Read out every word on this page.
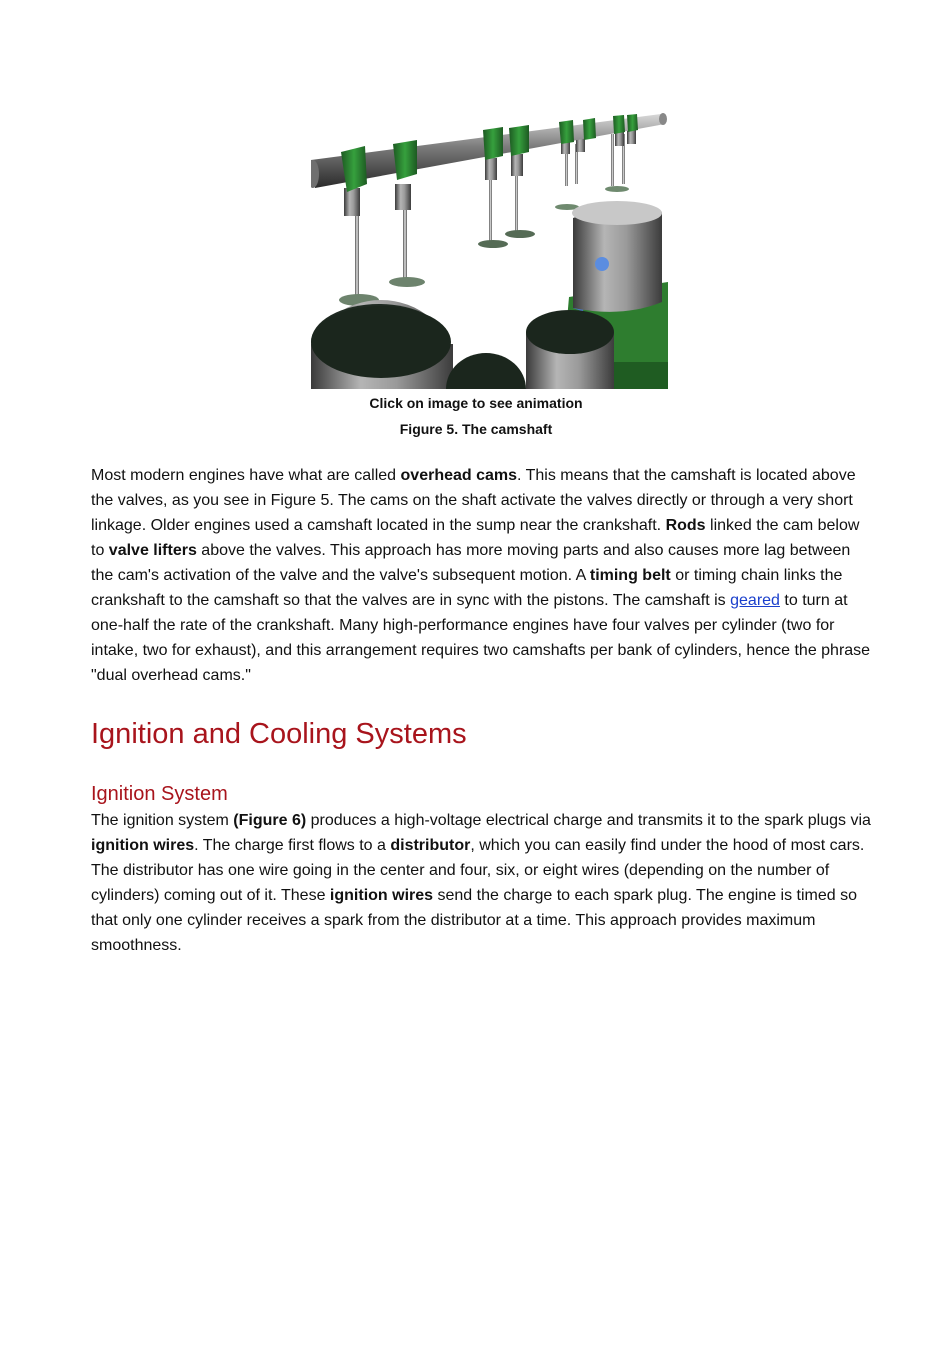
Click on image to see animation
Figure 5. The camshaft

Most modern engines have what are called overhead cams. This means that the camshaft is located above the valves, as you see in Figure 5. The cams on the shaft activate the valves directly or through a very short linkage. Older engines used a camshaft located in the sump near the crankshaft. Rods linked the cam below to valve lifters above the valves. This approach has more moving parts and also causes more lag between the cam's activation of the valve and the valve's subsequent motion. A timing belt or timing chain links the crankshaft to the camshaft so that the valves are in sync with the pistons. The camshaft is geared to turn at one-half the rate of the crankshaft. Many high-performance engines have four valves per cylinder (two for intake, two for exhaust), and this arrangement requires two camshafts per bank of cylinders, hence the phrase "dual overhead cams."

Ignition and Cooling Systems
Ignition System

The ignition system (Figure 6) produces a high-voltage electrical charge and transmits it to the spark plugs via ignition wires. The charge first flows to a distributor, which you can easily find under the hood of most cars. The distributor has one wire going in the center and four, six, or eight wires (depending on the number of cylinders) coming out of it. These ignition wires send the charge to each spark plug. The engine is timed so that only one cylinder receives a spark from the distributor at a time. This approach provides maximum smoothness.
